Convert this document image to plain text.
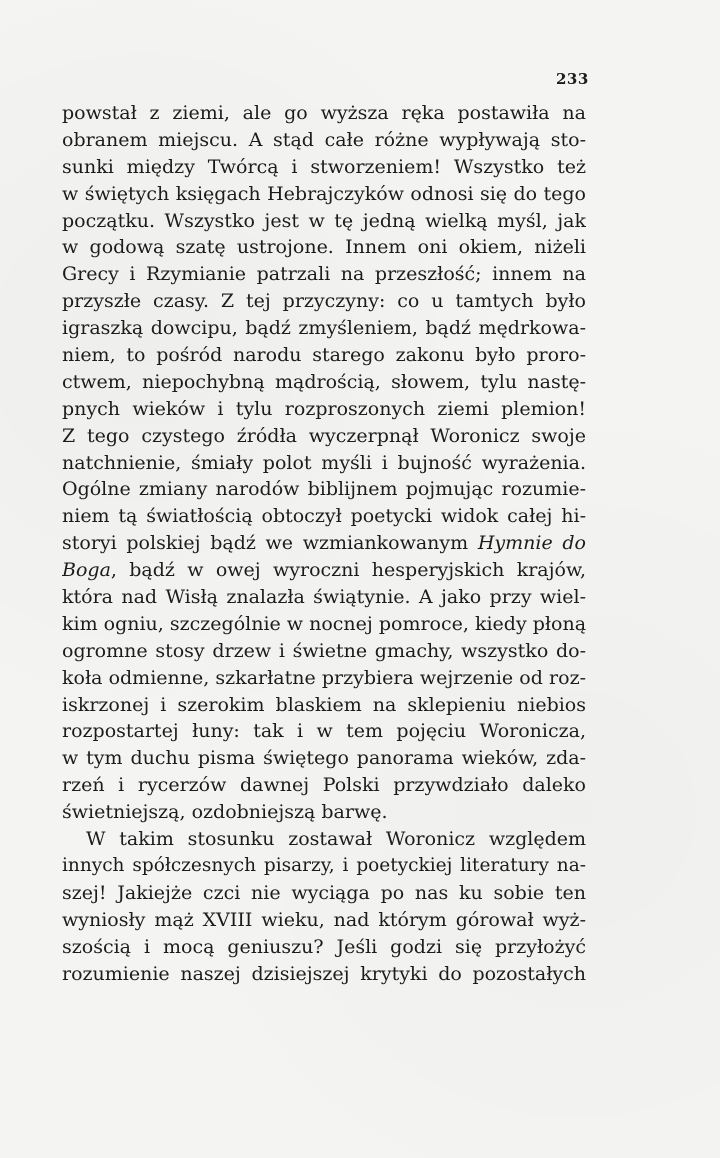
233
powstał z ziemi, ale go wyższa ręka postawiła na
obranem miejscu. A stąd całe różne wypływają sto-
sunki między Twórcą i stworzeniem! Wszystko też
w świętych księgach Hebrajczyków odnosi się do tego
początku. Wszystko jest w tę jedną wielką myśl, jak
w godową szatę ustrojone. Innem oni okiem, niżeli
Grecy i Rzymianie patrzali na przeszłość; innem na
przyszłe czasy. Z tej przyczyny: co u tamtych było
igraszką dowcipu, bądź zmyśleniem, bądź mędrkowa-
niem, to pośród narodu starego zakonu było proro-
ctwem, niepochybną mądrością, słowem, tylu nastę-
pnych wieków i tylu rozproszonych ziemi plemion!
Z tego czystego źródła wyczerpnął Woronicz swoje
natchnienie, śmiały polot myśli i bujność wyrażenia.
Ogólne zmiany narodów biblijnem pojmując rozumie-
niem tą światłością obtoczył poetycki widok całej hi-
storyi polskiej bądź we wzmiankowanym Hymnie do
Boga, bądź w owej wyroczni hesperyjskich krajów,
która nad Wisłą znalazła świątynie. A jako przy wiel-
kim ogniu, szczególnie w nocnej pomroce, kiedy płoną
ogromne stosy drzew i świetne gmachy, wszystko do-
koła odmienne, szkarłatne przybiera wejrzenie od roz-
iskrzonej i szerokim blaskiem na sklepieniu niebios
rozpostartej łuny: tak i w tem pojęciu Woronicza,
w tym duchu pisma świętego panorama wieków, zda-
rzeń i rycerzów dawnej Polski przywdziało daleko
świetniejszą, ozdobniejszą barwę.
W takim stosunku zostawał Woronicz względem
innych spółczesnych pisarzy, i poetyckiej literatury na-
szej! Jakiejże czci nie wyciąga po nas ku sobie ten
wyniosły mąż XVIII wieku, nad którym górował wyż-
szością i mocą geniuszu? Jeśli godzi się przyłożyć
rozumienie naszej dzisiejszej krytyki do pozostałych
